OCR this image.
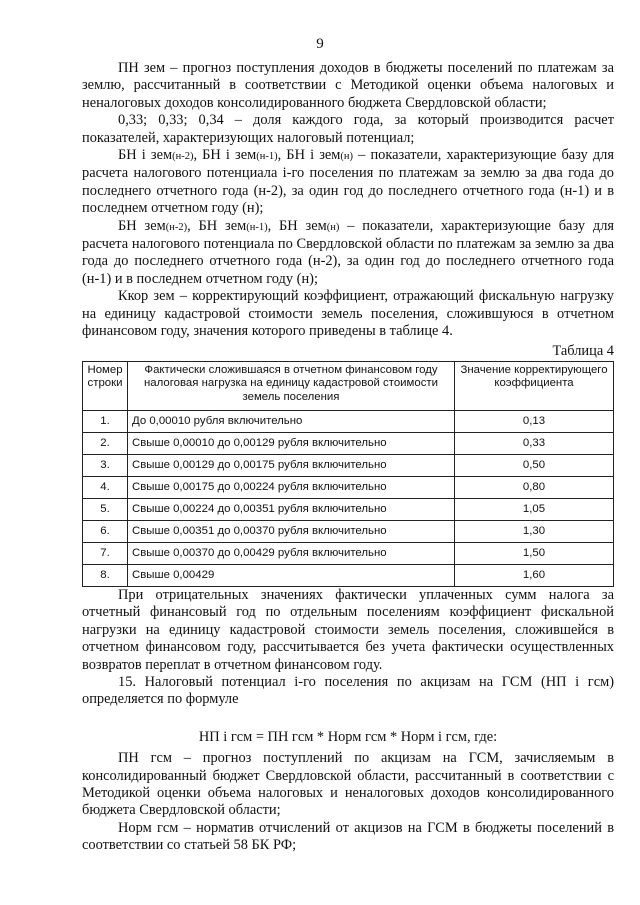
9

ПН зем – прогноз поступления доходов в бюджеты поселений по платежам за землю, рассчитанный в соответствии с Методикой оценки объема налоговых и неналоговых доходов консолидированного бюджета Свердловской области;

0,33; 0,33; 0,34 – доля каждого года, за который производится расчет показателей, характеризующих налоговый потенциал;

БН i зем(н-2), БН i зем(н-1), БН i зем(н) – показатели, характеризующие базу для расчета налогового потенциала i-го поселения по платежам за землю за два года до последнего отчетного года (н-2), за один год до последнего отчетного года (н-1) и в последнем отчетном году (н);

БН зем(н-2), БН зем(н-1), БН зем(н) – показатели, характеризующие базу для расчета налогового потенциала по Свердловской области по платежам за землю за два года до последнего отчетного года (н-2), за один год до последнего отчетного года (н-1) и в последнем отчетном году (н);

Ккор зем – корректирующий коэффициент, отражающий фискальную нагрузку на единицу кадастровой стоимости земель поселения, сложившуюся в отчетном финансовом году, значения которого приведены в таблице 4.

Таблица 4
Номер строки	Фактически сложившаяся в отчетном финансовом году налоговая нагрузка на единицу кадастровой стоимости земель поселения	Значение корректирующего коэффициента
1.	До 0,00010 рубля включительно	0,13
2.	Свыше 0,00010 до 0,00129 рубля включительно	0,33
3.	Свыше 0,00129 до 0,00175 рубля включительно	0,50
4.	Свыше 0,00175 до 0,00224 рубля включительно	0,80
5.	Свыше 0,00224 до 0,00351 рубля включительно	1,05
6.	Свыше 0,00351 до 0,00370 рубля включительно	1,30
7.	Свыше 0,00370 до 0,00429 рубля включительно	1,50
8.	Свыше 0,00429	1,60

При отрицательных значениях фактически уплаченных сумм налога за отчетный финансовый год по отдельным поселениям коэффициент фискальной нагрузки на единицу кадастровой стоимости земель поселения, сложившейся в отчетном финансовом году, рассчитывается без учета фактически осуществленных возвратов переплат в отчетном финансовом году.

15. Налоговый потенциал i-го поселения по акцизам на ГСМ (НП i гсм) определяется по формуле

НП i гсм = ПН гсм * Норм гсм * Норм i гсм, где:

ПН гсм – прогноз поступлений по акцизам на ГСМ, зачисляемым в консолидированный бюджет Свердловской области, рассчитанный в соответствии с Методикой оценки объема налоговых и неналоговых доходов консолидированного бюджета Свердловской области;

Норм гсм – норматив отчислений от акцизов на ГСМ в бюджеты поселений в соответствии со статьей 58 БК РФ;
